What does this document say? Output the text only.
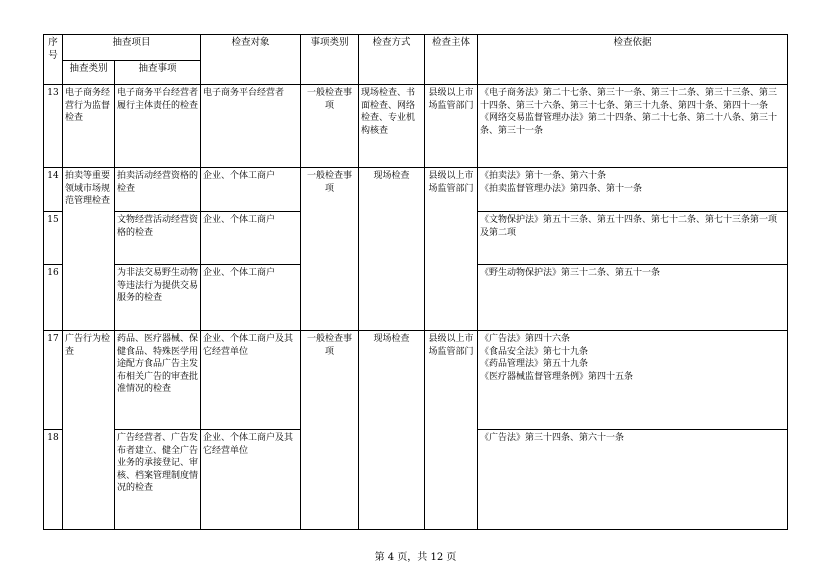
序号	抽查项目		检查对象	事项类别	检查方式	检查主体	检查依据
	抽查类别	抽查事项					
13	电子商务经营行为监督检查	电子商务平台经营者履行主体责任的检查	电子商务平台经营者	一般检查事项	现场检查、书面检查、网络检查、专业机构核查	县级以上市场监管部门	《电子商务法》第二十七条、第三十一条、第三十二条、第三十三条、第三十四条、第三十六条、第三十七条、第三十九条、第四十条、第四十一条
《网络交易监督管理办法》第二十四条、第二十七条、第二十八条、第三十条、第三十一条

14	拍卖等重要领域市场规范管理检查	拍卖活动经营资格的检查	企业、个体工商户	一般检查事项	现场检查	县级以上市场监管部门	《拍卖法》第十一条、第六十条
《拍卖监督管理办法》第四条、第十一条

15		文物经营活动经营资格的检查	企业、个体工商户				《文物保护法》第五十三条、第五十四条、第七十二条、第七十三条第一项及第二项

16		为非法交易野生动物等违法行为提供交易服务的检查	企业、个体工商户				《野生动物保护法》第三十二条、第五十一条

17	广告行为检查	药品、医疗器械、保健食品、特殊医学用途配方食品广告主发布相关广告的审查批准情况的检查	企业、个体工商户及其它经营单位	一般检查事项	现场检查	县级以上市场监管部门	《广告法》第四十六条
《食品安全法》第七十九条
《药品管理法》第五十九条
《医疗器械监督管理条例》第四十五条

18		广告经营者、广告发布者建立、健全广告业务的承接登记、审核、档案管理制度情况的检查	企业、个体工商户及其它经营单位				《广告法》第三十四条、第六十一条
第 4 页，共 12 页
